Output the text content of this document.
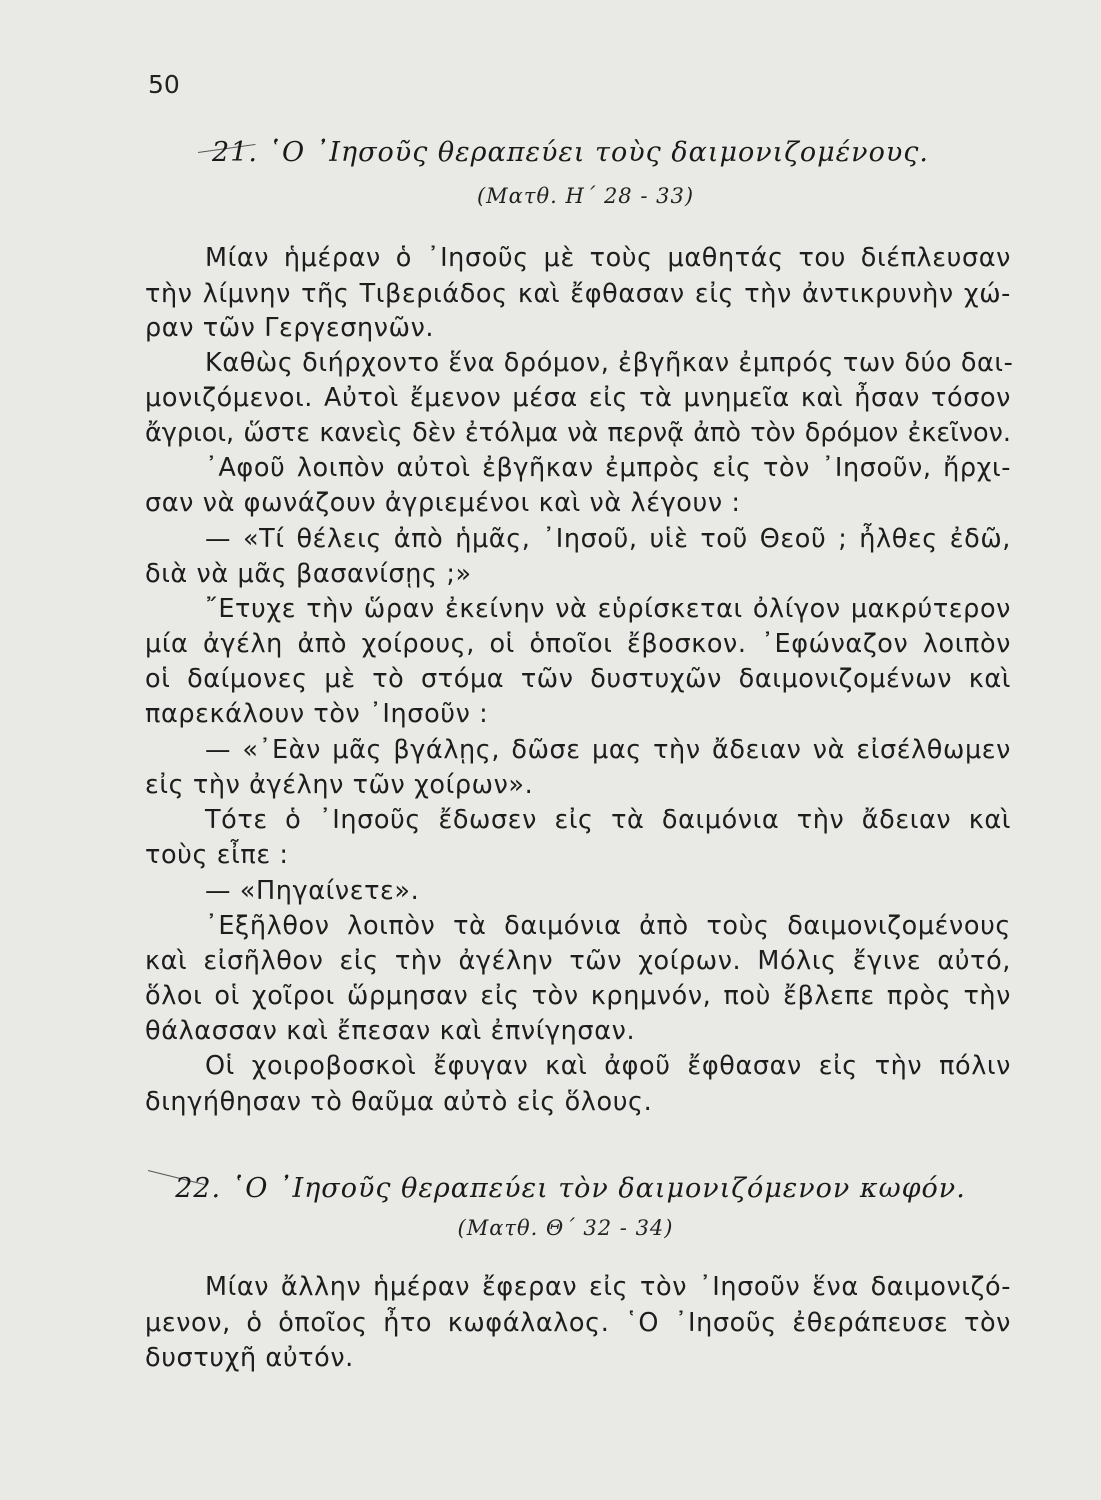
50
21. ῾Ο ᾿Ιησοῦς θεραπεύει τοὺς δαιμονιζομένους.
(Ματθ. Η΄ 28 - 33)
Μίαν ἡμέραν ὁ ᾿Ιησοῦς μὲ τοὺς μαθητάς του διέπλευσαν
τὴν λίμνην τῆς Τιβεριάδος καὶ ἔφθασαν εἰς τὴν ἀντικρυνὴν χώ-
ραν τῶν Γεργεσηνῶν.
Καθὼς διήρχοντο ἕνα δρόμον, ἐβγῆκαν ἐμπρός των δύο δαι-
μονιζόμενοι. Αὐτοὶ ἔμενον μέσα εἰς τὰ μνημεῖα καὶ ἦσαν τόσον
ἄγριοι, ὥστε κανεὶς δὲν ἐτόλμα νὰ περνᾷ ἀπὸ τὸν δρόμον ἐκεῖνον.
᾿Αφοῦ λοιπὸν αὐτοὶ ἐβγῆκαν ἐμπρὸς εἰς τὸν ᾿Ιησοῦν, ἤρχι-
σαν νὰ φωνάζουν ἀγριεμένοι καὶ νὰ λέγουν :
— «Τί θέλεις ἀπὸ ἡμᾶς, ᾿Ιησοῦ, υἱὲ τοῦ Θεοῦ ; ἦλθες ἐδῶ,
διὰ νὰ μᾶς βασανίσῃς ;»
῎Ετυχε τὴν ὥραν ἐκείνην νὰ εὑρίσκεται ὀλίγον μακρύτερον
μία ἀγέλη ἀπὸ χοίρους, οἱ ὁποῖοι ἔβοσκον. ᾿Εφώναζον λοιπὸν
οἱ δαίμονες μὲ τὸ στόμα τῶν δυστυχῶν δαιμονιζομένων καὶ
παρεκάλουν τὸν ᾿Ιησοῦν :
— «᾿Εὰν μᾶς βγάλῃς, δῶσε μας τὴν ἄδειαν νὰ εἰσέλθωμεν
εἰς τὴν ἀγέλην τῶν χοίρων».
Τότε ὁ ᾿Ιησοῦς ἔδωσεν εἰς τὰ δαιμόνια τὴν ἄδειαν καὶ
τοὺς εἶπε :
— «Πηγαίνετε».
᾿Εξῆλθον λοιπὸν τὰ δαιμόνια ἀπὸ τοὺς δαιμονιζομένους
καὶ εἰσῆλθον εἰς τὴν ἀγέλην τῶν χοίρων. Μόλις ἔγινε αὐτό,
ὅλοι οἱ χοῖροι ὥρμησαν εἰς τὸν κρημνόν, ποὺ ἔβλεπε πρὸς τὴν
θάλασσαν καὶ ἔπεσαν καὶ ἐπνίγησαν.
Οἱ χοιροβοσκοὶ ἔφυγαν καὶ ἀφοῦ ἔφθασαν εἰς τὴν πόλιν
διηγήθησαν τὸ θαῦμα αὐτὸ εἰς ὅλους.
22. ῾Ο ᾿Ιησοῦς θεραπεύει τὸν δαιμονιζόμενον κωφόν.
(Ματθ. Θ΄ 32 - 34)
Μίαν ἄλλην ἡμέραν ἔφεραν εἰς τὸν ᾿Ιησοῦν ἕνα δαιμονιζό-
μενον, ὁ ὁποῖος ἦτο κωφάλαλος. ῾Ο ᾿Ιησοῦς ἐθεράπευσε τὸν
δυστυχῆ αὐτόν.
